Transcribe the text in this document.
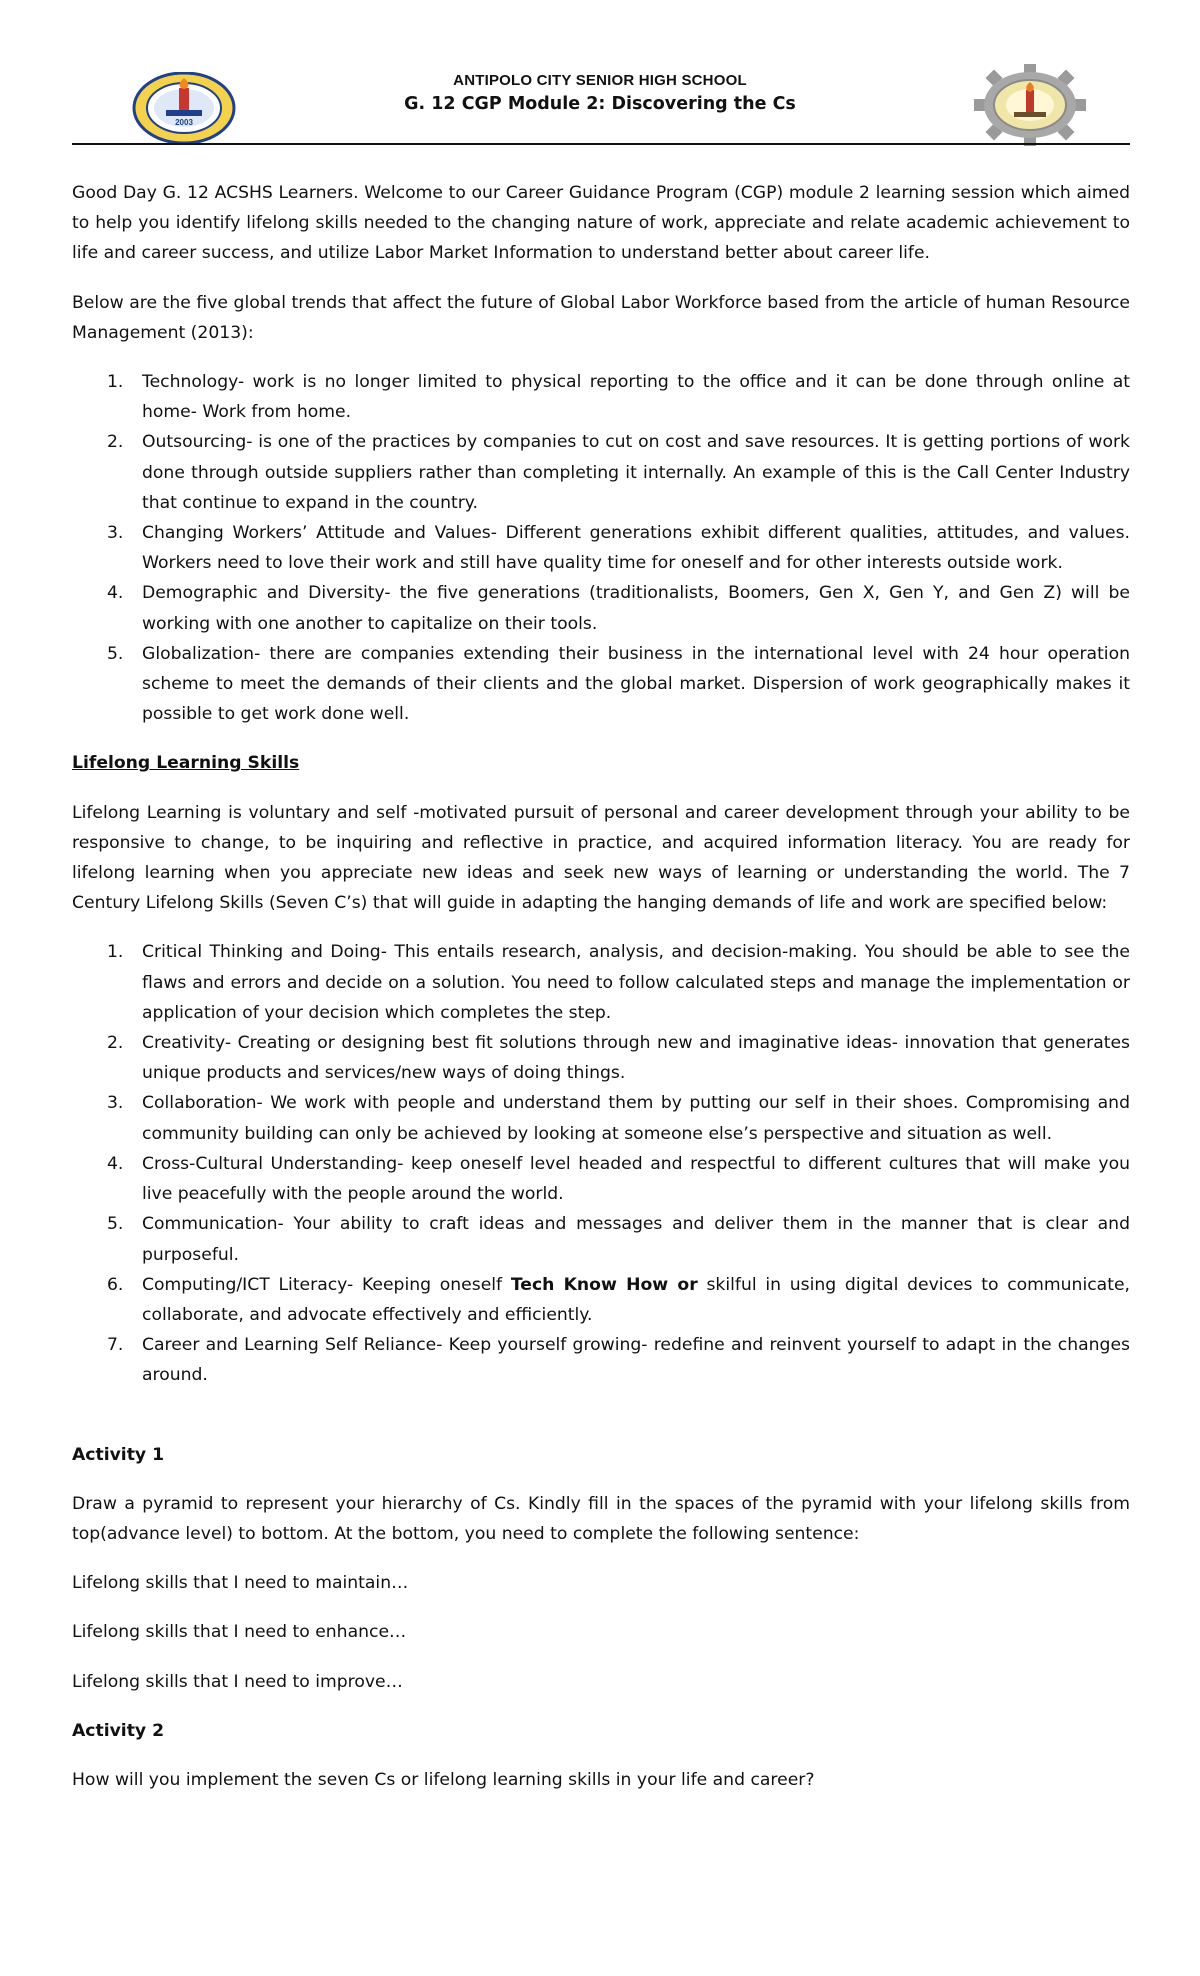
2003
ANTIPOLO CITY SENIOR HIGH SCHOOL
G. 12 CGP Module 2: Discovering the Cs

Good Day G. 12 ACSHS Learners. Welcome to our Career Guidance Program (CGP) module 2 learning session which aimed to help you identify lifelong skills needed to the changing nature of work, appreciate and relate academic achievement to life and career success, and utilize Labor Market Information to understand better about career life.

Below are the five global trends that affect the future of Global Labor Workforce based from the article of human Resource Management (2013):

1. Technology- work is no longer limited to physical reporting to the office and it can be done through online at home- Work from home.
2. Outsourcing- is one of the practices by companies to cut on cost and save resources. It is getting portions of work done through outside suppliers rather than completing it internally. An example of this is the Call Center Industry that continue to expand in the country.
3. Changing Workers’ Attitude and Values- Different generations exhibit different qualities, attitudes, and values. Workers need to love their work and still have quality time for oneself and for other interests outside work.
4. Demographic and Diversity- the five generations (traditionalists, Boomers, Gen X, Gen Y, and Gen Z) will be working with one another to capitalize on their tools.
5. Globalization- there are companies extending their business in the international level with 24 hour operation scheme to meet the demands of their clients and the global market. Dispersion of work geographically makes it possible to get work done well.
Lifelong Learning Skills

Lifelong Learning is voluntary and self -motivated pursuit of personal and career development through your ability to be responsive to change, to be inquiring and reflective in practice, and acquired information literacy. You are ready for lifelong learning when you appreciate new ideas and seek new ways of learning or understanding the world. The 7 Century Lifelong Skills (Seven C’s) that will guide in adapting the hanging demands of life and work are specified below:

1. Critical Thinking and Doing- This entails research, analysis, and decision-making. You should be able to see the flaws and errors and decide on a solution. You need to follow calculated steps and manage the implementation or application of your decision which completes the step.
2. Creativity- Creating or designing best fit solutions through new and imaginative ideas- innovation that generates unique products and services/new ways of doing things.
3. Collaboration- We work with people and understand them by putting our self in their shoes. Compromising and community building can only be achieved by looking at someone else’s perspective and situation as well.
4. Cross-Cultural Understanding- keep oneself level headed and respectful to different cultures that will make you live peacefully with the people around the world.
5. Communication- Your ability to craft ideas and messages and deliver them in the manner that is clear and purposeful.
6. Computing/ICT Literacy- Keeping oneself Tech Know How or skilful in using digital devices to communicate, collaborate, and advocate effectively and efficiently.
7. Career and Learning Self Reliance- Keep yourself growing- redefine and reinvent yourself to adapt in the changes around.
Activity 1

Draw a pyramid to represent your hierarchy of Cs. Kindly fill in the spaces of the pyramid with your lifelong skills from top(advance level) to bottom. At the bottom, you need to complete the following sentence:

Lifelong skills that I need to maintain…

Lifelong skills that I need to enhance…

Lifelong skills that I need to improve…

Activity 2

How will you implement the seven Cs or lifelong learning skills in your life and career?
